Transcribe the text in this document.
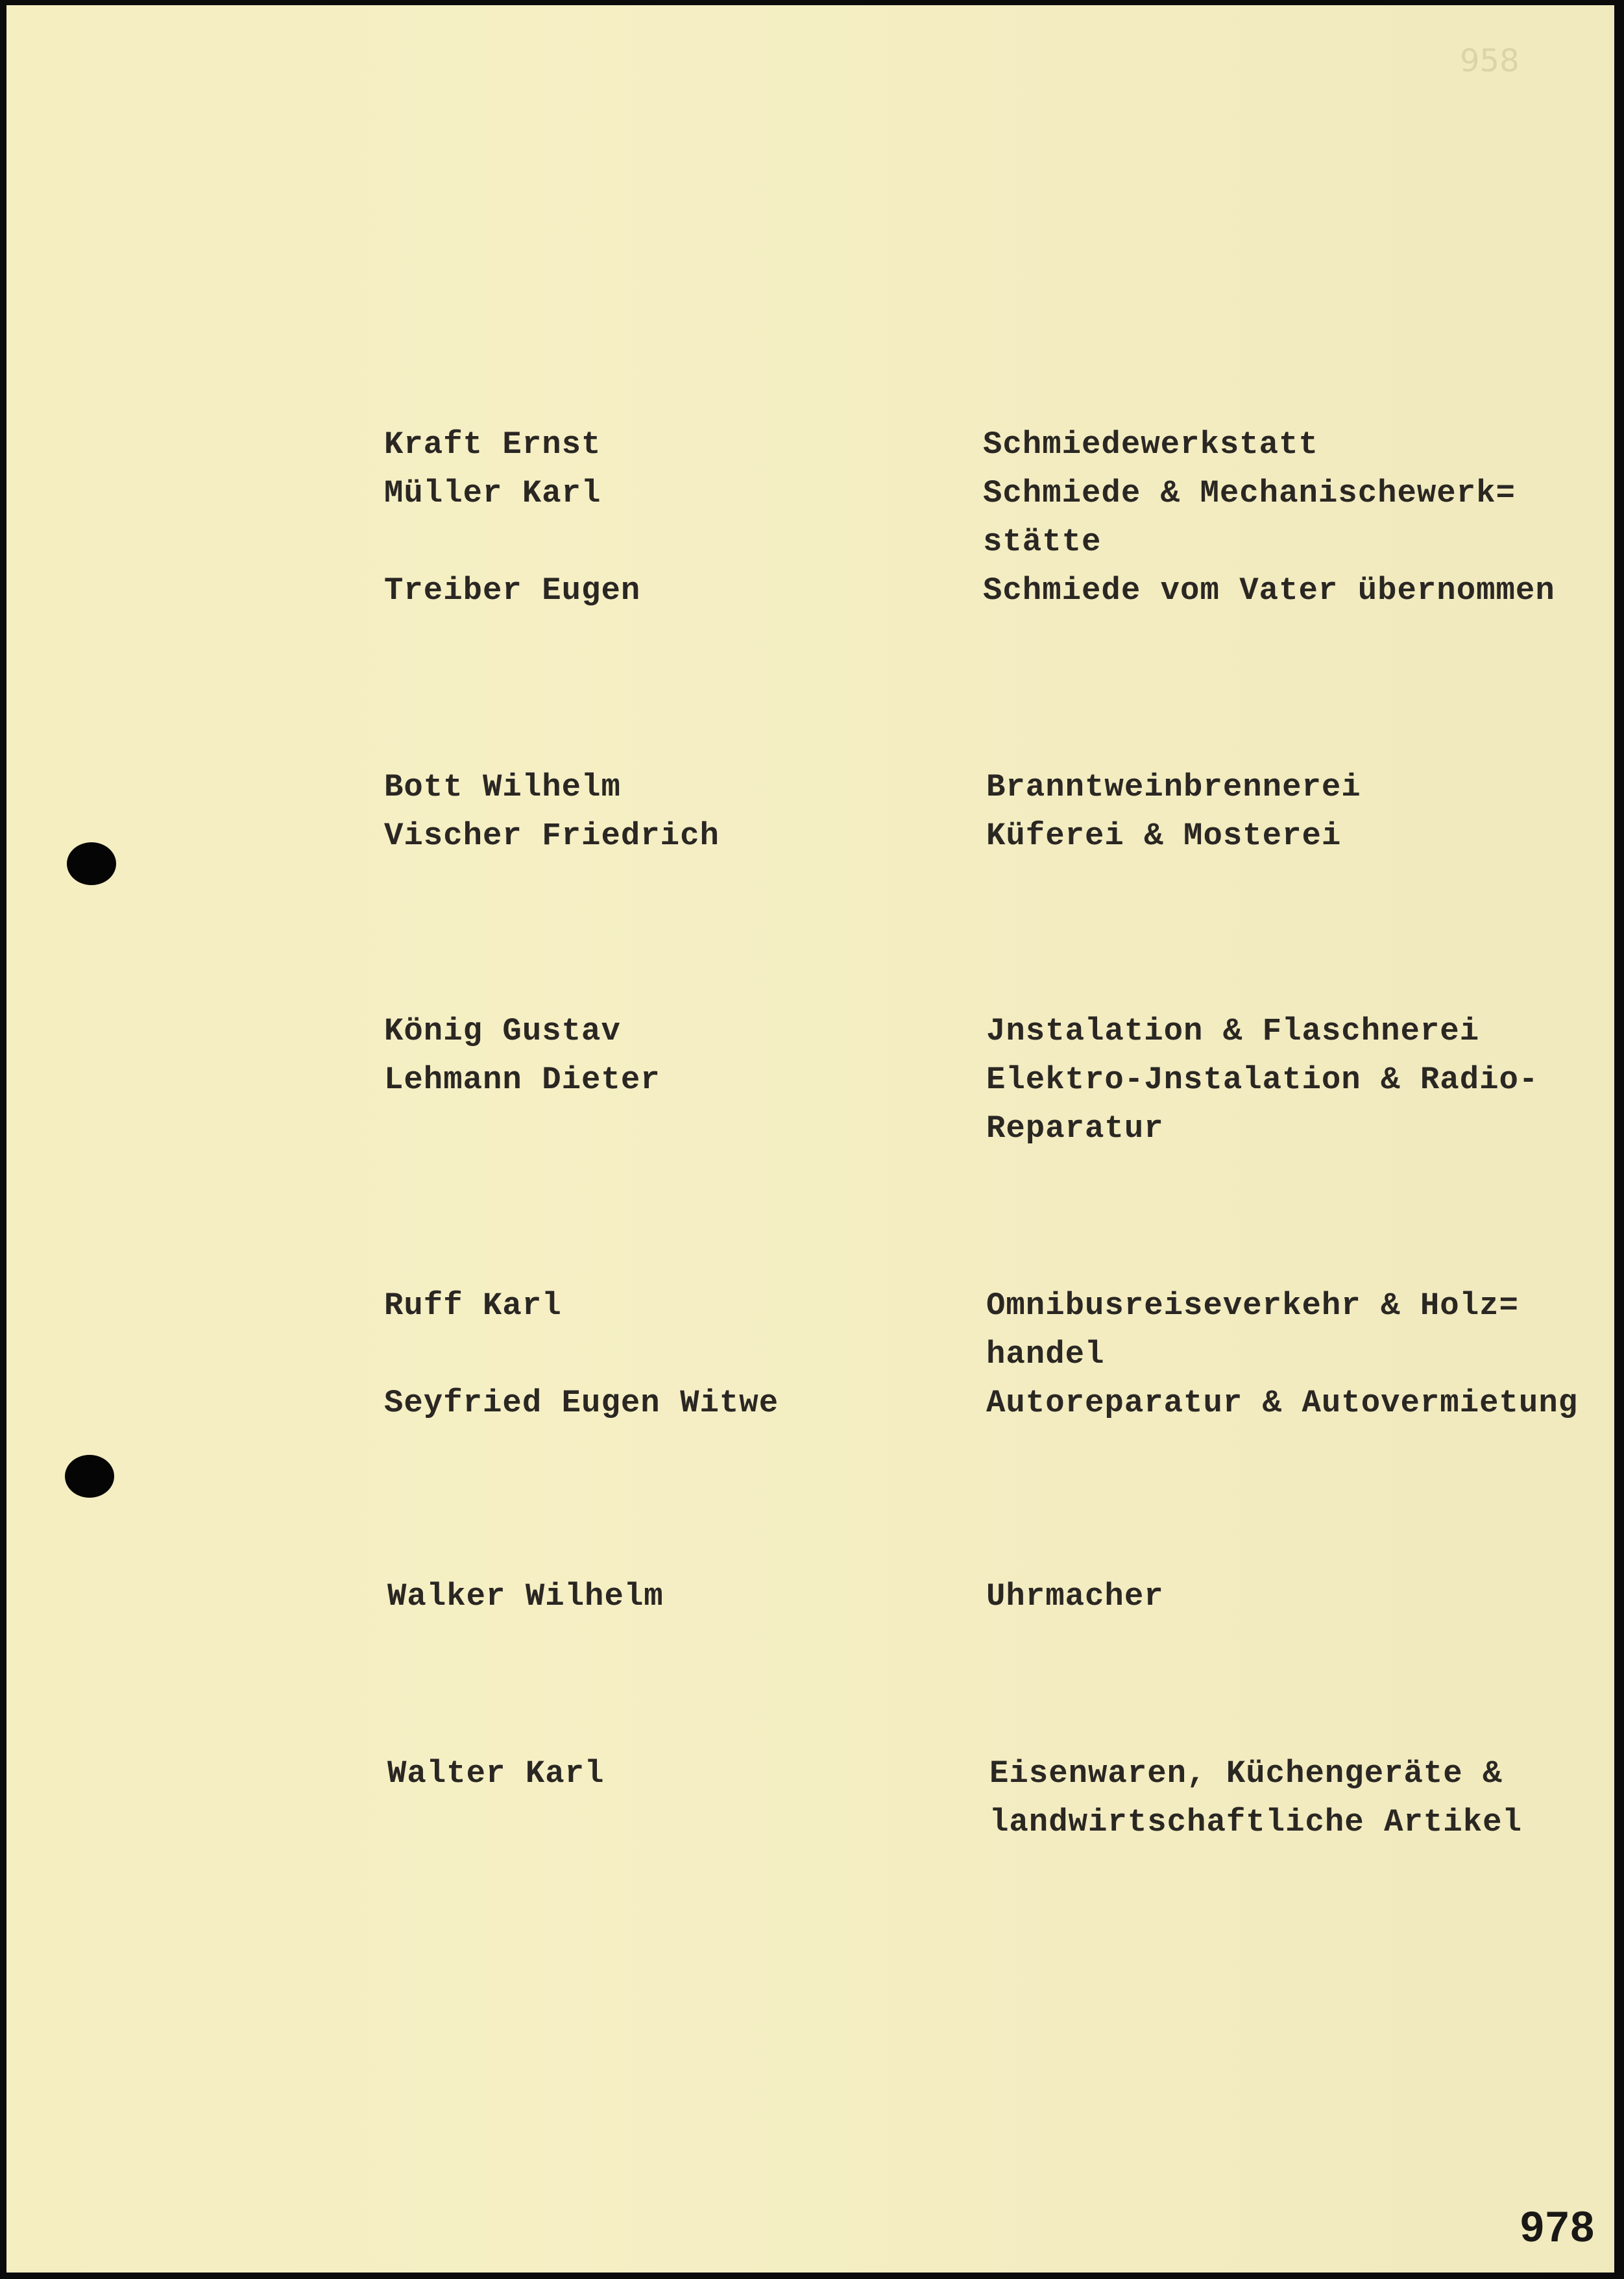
958
Kraft Ernst	Schmiedewerkstatt
Müller Karl	Schmiede & Mechanischewerk=
stätte
Treiber Eugen	Schmiede vom Vater übernommen
Bott Wilhelm	Branntweinbrennerei
Vischer Friedrich	Küferei & Mosterei
König Gustav	Jnstalation & Flaschnerei
Lehmann Dieter	Elektro-Jnstalation & Radio-
Reparatur
Ruff Karl	Omnibusreiseverkehr & Holz=
handel
Seyfried Eugen Witwe	Autoreparatur & Autovermietung
Walker Wilhelm	Uhrmacher
Walter Karl	Eisenwaren, Küchengeräte &
landwirtschaftliche Artikel
978
